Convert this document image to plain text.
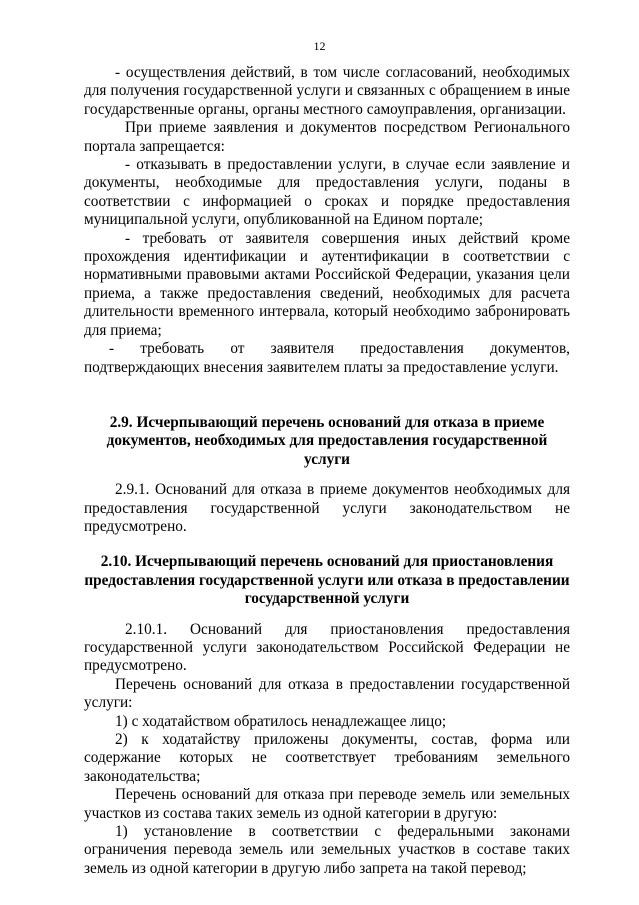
12

- осуществления действий, в том числе согласований, необходимых для получения государственной услуги и связанных с обращением в иные государственные органы, органы местного самоуправления, организации.

При приеме заявления и документов посредством Регионального портала запрещается:

- отказывать в предоставлении услуги, в случае если заявление и документы, необходимые для предоставления услуги, поданы в соответствии с информацией о сроках и порядке предоставления муниципальной услуги, опубликованной на Едином портале;

- требовать от заявителя совершения иных действий кроме прохождения идентификации и аутентификации в соответствии с нормативными правовыми актами Российской Федерации, указания цели приема, а также предоставления сведений, необходимых для расчета длительности временного интервала, который необходимо забронировать для приема;

- требовать от заявителя предоставления документов, подтверждающих внесения заявителем платы за предоставление услуги.

2.9. Исчерпывающий перечень оснований для отказа в приеме документов, необходимых для предоставления государственной услуги

2.9.1. Оснований для отказа в приеме документов необходимых для предоставления государственной услуги законодательством не предусмотрено.

2.10. Исчерпывающий перечень оснований для приостановления предоставления государственной услуги или отказа в предоставлении государственной услуги

2.10.1. Оснований для приостановления предоставления государственной услуги законодательством Российской Федерации не предусмотрено.

Перечень оснований для отказа в предоставлении государственной услуги:

1) с ходатайством обратилось ненадлежащее лицо;

2) к ходатайству приложены документы, состав, форма или содержание которых не соответствует требованиям земельного законодательства;

Перечень оснований для отказа при переводе земель или земельных участков из состава таких земель из одной категории в другую:

1) установление в соответствии с федеральными законами ограничения перевода земель или земельных участков в составе таких земель из одной категории в другую либо запрета на такой перевод;
